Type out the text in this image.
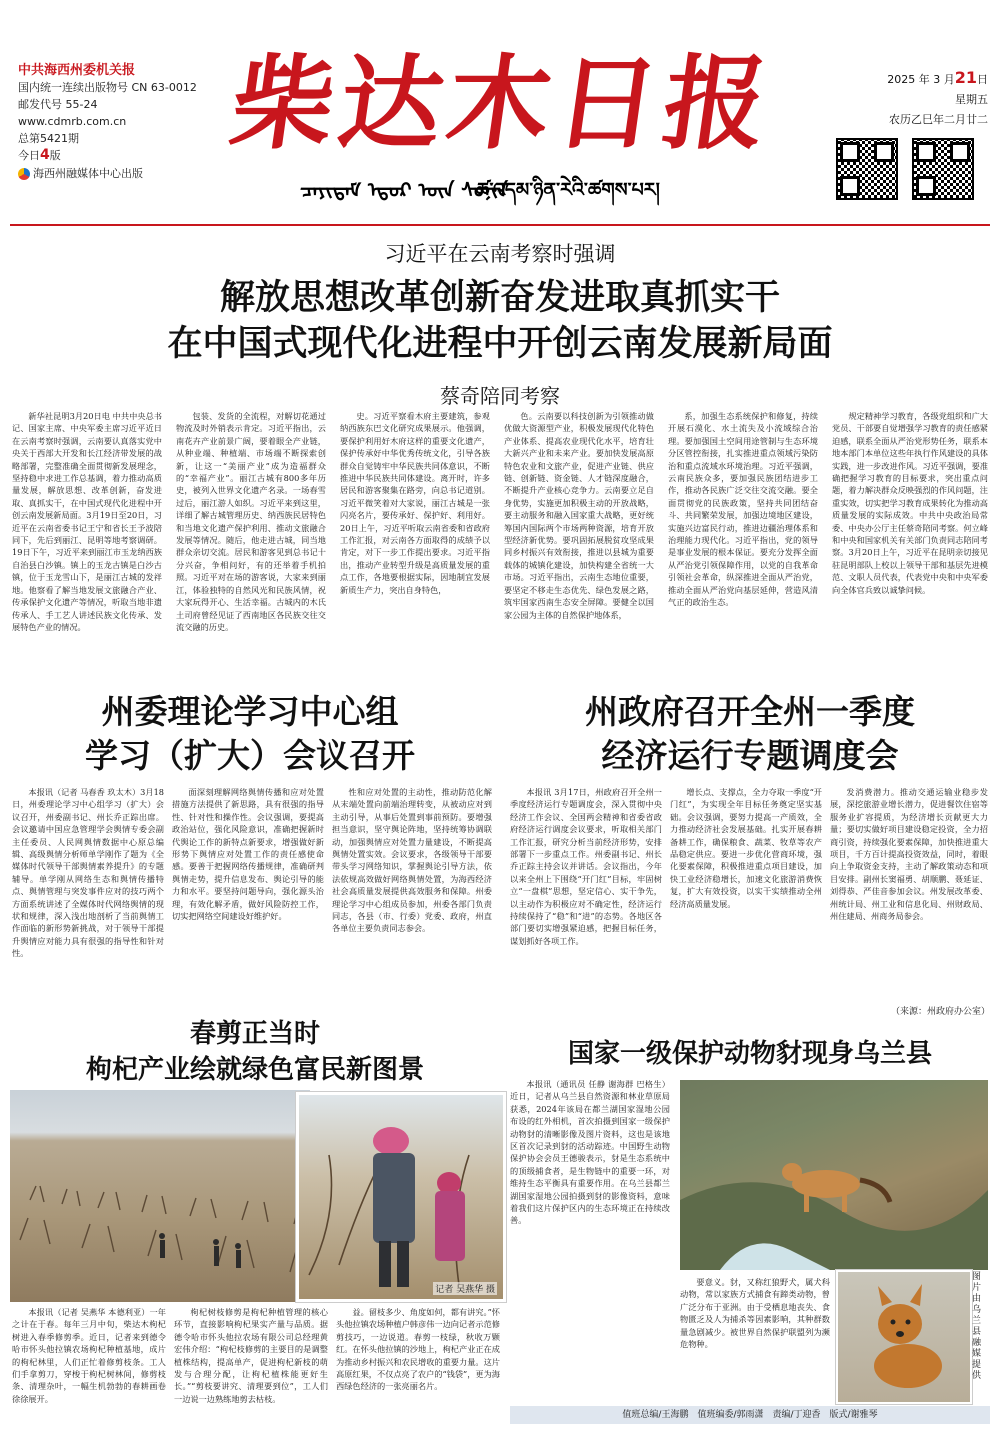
中共海西州委机关报
国内统一连续出版物号 CN 63-0012
邮发代号 55-24
www.cdmrb.com.cn
总第5421期
今日4版
海西州融媒体中心出版
柴达木日报
ᠴᠠᠶᠢᠳᠠᠮ ᠡᠳᠦᠷ ᠦᠨ ᠰᠣᠨᠢᠨ
ཚ་འདམ་ཉིན་རེའི་ཚགས་པར།
2025 年 3 月21日
星期五
农历乙巳年二月廿二
习近平在云南考察时强调
解放思想改革创新奋发进取真抓实干
在中国式现代化进程中开创云南发展新局面
蔡奇陪同考察

新华社昆明3月20日电 中共中央总书记、国家主席、中央军委主席习近平近日在云南考察时强调，云南要认真落实党中央关于西部大开发和长江经济带发展的战略部署，完整准确全面贯彻新发展理念，坚持稳中求进工作总基调，着力推动高质量发展，解放思想、改革创新，奋发进取、真抓实干，在中国式现代化进程中开创云南发展新局面。3月19日至20日，习近平在云南省委书记王宁和省长王予波陪同下，先后到丽江、昆明等地考察调研。19日下午，习近平来到丽江市玉龙纳西族自治县白沙镇。镇上的玉龙古镇是白沙古镇，位于玉龙雪山下，是丽江古城的发祥地。他察看了解当地发展文旅融合产业、传承保护文化遗产等情况，听取当地非遗传承人、手工艺人讲述民族文化传承、发展特色产业的情况。

包装、发货的全流程，对解切花通过物流及时外销表示肯定。习近平指出，云南花卉产业前景广阔，要着眼全产业链，从种业端、种植端、市场端不断探索创新，让这一“美丽产业”成为造福群众的“幸福产业”。丽江古城有800多年历史，被列入世界文化遗产名录。一场春雪过后，丽江游人如织。习近平来到这里，详细了解古城管理历史、纳西族民居特色和当地文化遗产保护利用、推动文旅融合发展等情况。随后，他走进古城，同当地群众亲切交流。居民和游客见到总书记十分兴奋，争相问好，有的还举着手机拍照。习近平对在场的游客说，大家来到丽江，体验独特的自然风光和民族风情，祝大家玩得开心、生活幸福。古城内的木氏土司府曾经见证了西南地区各民族交往交流交融的历史。

史。习近平察看木府主要建筑，参观纳西族东巴文化研究成果展示。他强调，要保护利用好木府这样的重要文化遗产，保护传承好中华优秀传统文化，引导各族群众自觉铸牢中华民族共同体意识，不断推进中华民族共同体建设。离开时，许多居民和游客聚集在路旁，向总书记道别。习近平微笑着对大家说，丽江古城是一张闪亮名片，要传承好、保护好、利用好。20日上午，习近平听取云南省委和省政府工作汇报，对云南各方面取得的成绩予以肯定，对下一步工作提出要求。习近平指出，推动产业转型升级是高质量发展的重点工作，各地要根据实际，因地制宜发展新质生产力，突出自身特色，

色。云南要以科技创新为引领推动做优做大资源型产业，积极发展现代化特色产业体系、提高农业现代化水平，培育壮大新兴产业和未来产业。要加快发展高原特色农业和文旅产业，促进产业链、供应链、创新链、资金链、人才链深度融合，不断提升产业核心竞争力。云南要立足自身优势，实施更加积极主动的开放战略，要主动服务和融入国家重大战略，更好统筹国内国际两个市场两种资源，培育开放型经济新优势。要巩固拓展脱贫攻坚成果同乡村振兴有效衔接，推进以县城为重要载体的城镇化建设，加快构建全省统一大市场。习近平指出，云南生态地位重要，要坚定不移走生态优先、绿色发展之路，筑牢国家西南生态安全屏障。要健全以国家公园为主体的自然保护地体系，

系，加强生态系统保护和修复，持续开展石漠化、水土流失及小流域综合治理。要加强国土空间用途管制与生态环境分区管控衔接，扎实推进重点领域污染防治和重点流域水环境治理。习近平强调，云南民族众多，要加强民族团结进步工作，推动各民族广泛交往交流交融。要全面贯彻党的民族政策，坚持共同团结奋斗、共同繁荣发展，加强边境地区建设，实施兴边富民行动，推进边疆治理体系和治理能力现代化。习近平指出，党的领导是事业发展的根本保证。要充分发挥全面从严治党引领保障作用，以党的自我革命引领社会革命，纵深推进全面从严治党，推动全面从严治党向基层延伸，营造风清气正的政治生态。

规定精神学习教育，各级党组织和广大党员、干部要自觉增强学习教育的责任感紧迫感，联系全面从严治党形势任务，联系本地本部门本单位这些年执行作风建设的具体实践，进一步改进作风。习近平强调，要准确把握学习教育的目标要求，突出重点问题，着力解决群众反映强烈的作风问题，注重实效，切实把学习教育成果转化为推动高质量发展的实际成效。中共中央政治局常委、中央办公厅主任蔡奇陪同考察。何立峰和中央和国家机关有关部门负责同志陪同考察。3月20日上午，习近平在昆明亲切接见驻昆明部队上校以上领导干部和基层先进模范、文职人员代表，代表党中央和中央军委向全体官兵致以诚挚问候。

州委理论学习中心组
学习（扩大）会议召开

本报讯（记者 马春香 玖太木）3月18日，州委理论学习中心组学习（扩大）会议召开，州委副书记、州长乔正踪出席。会议邀请中国应急管理学会舆情专委会副主任委员、人民网舆情数据中心原总编辑、高级舆情分析师单学刚作了题为《全媒体时代领导干部舆情素养提升》的专题辅导。单学刚从网络生态和舆情传播特点、舆情管理与突发事件应对的技巧两个方面系统讲述了全媒体时代网络舆情的现状和规律，深入浅出地剖析了当前舆情工作面临的新形势新挑战，对于领导干部提升舆情应对能力具有很强的指导性和针对性。

面深刻理解网络舆情传播和应对处置措施方法提供了新思路，具有很强的指导性、针对性和操作性。会议强调，要提高政治站位，强化风险意识，准确把握新时代舆论工作的新特点新要求，增强做好新形势下舆情应对处置工作的责任感使命感。要善于把握网络传播规律，准确研判舆情走势，提升信息发布、舆论引导的能力和水平。要坚持问题导向，强化源头治理，有效化解矛盾，做好风险防控工作，切实把网络空间建设好维护好。

性和应对处置的主动性，推动防范化解从末端处置向前端治理转变，从被动应对到主动引导，从事后处置到事前预防。要增强担当意识，坚守舆论阵地，坚持统筹协调联动，加强舆情应对处置力量建设，不断提高舆情处置实效。会议要求，各级领导干部要带头学习网络知识，掌握舆论引导方法，依法依规高效做好网络舆情处置，为海西经济社会高质量发展提供高效服务和保障。州委理论学习中心组成员参加，州委各部门负责同志，各县（市、行委）党委、政府，州直各单位主要负责同志参会。

州政府召开全州一季度
经济运行专题调度会

本报讯 3月17日，州政府召开全州一季度经济运行专题调度会，深入贯彻中央经济工作会议、全国两会精神和省委省政府经济运行调度会议要求，听取相关部门工作汇报，研究分析当前经济形势，安排部署下一步重点工作。州委副书记、州长乔正踪主持会议并讲话。会议指出，今年以来全州上下围绕“开门红”目标，牢固树立“一盘棋”思想，坚定信心、实干争先，以主动作为积极应对不确定性，经济运行持续保持了“稳”和“进”的态势。各地区各部门要切实增强紧迫感，把握目标任务，谋划抓好各项工作。

增长点、支撑点，全力夺取一季度“开门红”，为实现全年目标任务奠定坚实基础。会议强调，要努力提高一产质效，全力推动经济社会发展基础。扎实开展春耕备耕工作，确保粮食、蔬菜、牧草等农产品稳定供应。要进一步优化营商环境，强化要素保障，积极推进重点项目建设，加快工业经济稳增长，加速文化旅游消费恢复，扩大有效投资，以实干实绩推动全州经济高质量发展。

发消费潜力。推动交通运输业稳步发展，深挖旅游业增长潜力，促进餐饮住宿等服务业扩容提质，为经济增长贡献更大力量；要切实做好项目建设稳定投资，全力招商引资，持续强化要素保障，加快推进重大项目，千方百计提高投资效益，同时，着眼向上争取资金支持，主动了解政策动态和项目安排。副州长窦福勇、胡顺鹏、聂延证、刘得恭、严佳音参加会议。州发展改革委、州统计局、州工业和信息化局、州财政局、州住建局、州商务局参会。

（来源：州政府办公室）
春剪正当时
枸杞产业绘就绿色富民新图景
记者 吴燕华 摄

本报讯（记者 吴燕华 本德利亚）一年之计在于春。每年三月中旬，柴达木枸杞树进入春季修剪季。近日，记者来到德令哈市怀头他拉镇农场枸杞种植基地，成片的枸杞林里，人们正忙着修剪枝条。工人们手拿剪刀，穿梭于枸杞树林间，修剪枝条、清理杂叶，一幅生机勃勃的春耕画卷徐徐展开。

枸杞树枝修剪是枸杞种植管理的核心环节，直接影响枸杞果实产量与品质。据德令哈市怀头他拉农场有限公司总经理黄宏伟介绍：“枸杞枝修剪的主要目的是调整植株结构，提高单产，促进枸杞新枝的萌发与合理分配，让枸杞植株能更好生长。”“剪枝要讲究、清理要到位”，工人们一边说一边熟练地剪去枯枝。

益。留枝多少、角度如何，都有讲究。”怀头他拉镇农场种植户韩彦伟一边向记者示范修剪技巧，一边说道。春剪一枝绿，秋收万颗红。在怀头他拉镇的沙地上，枸杞产业正在成为推动乡村振兴和农民增收的重要力量。这片高原红果，不仅点亮了农户的“钱袋”，更为海西绿色经济的一张亮丽名片。

国家一级保护动物豺现身乌兰县

本报讯（通讯员 任静 谢海群 巴格生）近日，记者从乌兰县自然资源和林业草原局获悉，2024年该局在都兰湖国家湿地公园布设的红外相机，首次拍摄到国家一级保护动物豺的清晰影像及图片资料，这也是该地区首次记录到豺的活动踪迹。中国野生动物保护协会会员王德骏表示，豺是生态系统中的顶级捕食者，是生物链中的重要一环，对维持生态平衡具有重要作用。在乌兰县都兰湖国家湿地公园拍摄到豺的影像资料，意味着我们这片保护区内的生态环境正在持续改善。

要意义。豺，又称红狼野犬，属犬科动物，常以家族方式捕食有蹄类动物，曾广泛分布于亚洲。由于受栖息地丧失、食物匮乏及人为捕杀等因素影响，其种群数量急剧减少。被世界自然保护联盟列为濒危物种。

图片由乌兰县融媒提供
值班总编/王海鹏　值班编委/郭雨潇　责编/丁迎香　版式/谢雅琴
